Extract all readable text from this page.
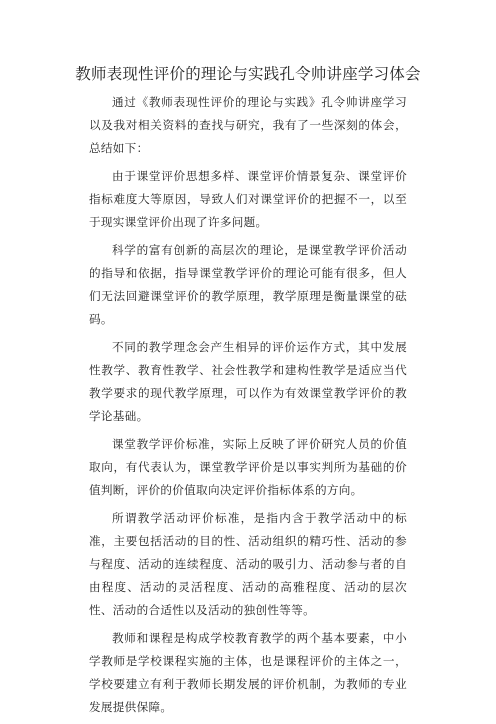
教师表现性评价的理论与实践孔令帅讲座学习体会

通过《教师表现性评价的理论与实践》孔令帅讲座学习以及我对相关资料的查找与研究，我有了一些深刻的体会，总结如下：

由于课堂评价思想多样、课堂评价情景复杂、课堂评价指标难度大等原因，导致人们对课堂评价的把握不一，以至于现实课堂评价出现了许多问题。

科学的富有创新的高层次的理论，是课堂教学评价活动的指导和依据，指导课堂教学评价的理论可能有很多，但人们无法回避课堂评价的教学原理，教学原理是衡量课堂的砝码。

不同的教学理念会产生相异的评价运作方式，其中发展性教学、教育性教学、社会性教学和建构性教学是适应当代教学要求的现代教学原理，可以作为有效课堂教学评价的教学论基础。

课堂教学评价标准，实际上反映了评价研究人员的价值取向，有代表认为，课堂教学评价是以事实判所为基础的价值判断，评价的价值取向决定评价指标体系的方向。

所谓教学活动评价标准，是指内含于教学活动中的标准，主要包括活动的目的性、活动组织的精巧性、活动的参与程度、活动的连续程度、活动的吸引力、活动参与者的自由程度、活动的灵活程度、活动的高雅程度、活动的层次性、活动的合适性以及活动的独创性等等。

教师和课程是构成学校教育教学的两个基本要素，中小学教师是学校课程实施的主体，也是课程评价的主体之一，学校要建立有利于教师长期发展的评价机制，为教师的专业发展提供保障。
